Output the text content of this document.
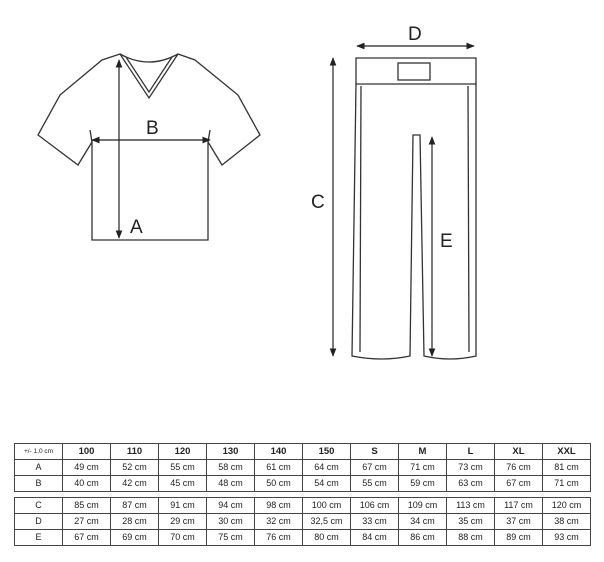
A
B
C
D
E
+/- 1,0 cm	100	110	120	130	140	150	S	M	L	XL	XXL
A	49 cm	52 cm	55 cm	58 cm	61 cm	64 cm	67 cm	71 cm	73 cm	76 cm	81 cm
B	40 cm	42 cm	45 cm	48 cm	50 cm	54 cm	55 cm	59 cm	63 cm	67 cm	71 cm

C	85 cm	87 cm	91 cm	94 cm	98 cm	100 cm	106 cm	109 cm	113 cm	117 cm	120 cm
D	27 cm	28 cm	29 cm	30 cm	32 cm	32,5 cm	33 cm	34 cm	35 cm	37 cm	38 cm
E	67 cm	69 cm	70 cm	75 cm	76 cm	80 cm	84 cm	86 cm	88 cm	89 cm	93 cm
